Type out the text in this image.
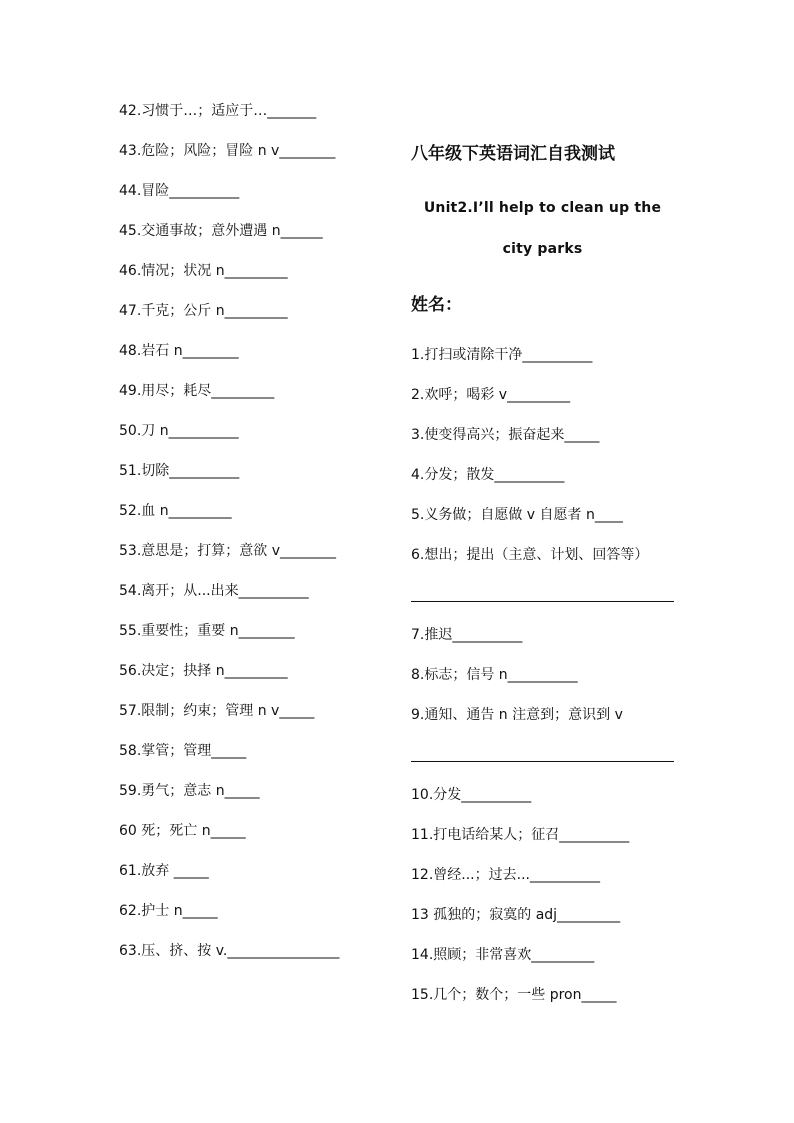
42.习惯于…；适应于…_______
43.危险；风险；冒险 n v________
44.冒险__________
45.交通事故；意外遭遇 n______
46.情况；状况 n_________
47.千克；公斤 n_________
48.岩石 n________
49.用尽；耗尽_________
50.刀 n__________
51.切除__________
52.血 n_________
53.意思是；打算；意欲 v________
54.离开；从...出来__________
55.重要性；重要 n________
56.决定；抉择 n_________
57.限制；约束；管理 n v_____
58.掌管；管理_____
59.勇气；意志 n_____
60 死；死亡 n_____
61.放弃 _____
62.护士 n_____
63.压、挤、按 v.________________
八年级下英语词汇自我测试
Unit2.I’ll help to clean up the
city parks
姓名：
1.打扫或清除干净__________
2.欢呼；喝彩 v_________
3.使变得高兴；振奋起来_____
4.分发；散发__________
5.义务做；自愿做 v 自愿者 n____
6.想出；提出（主意、计划、回答等）
7.推迟__________
8.标志；信号 n__________
9.通知、通告 n 注意到；意识到 v
10.分发__________
11.打电话给某人；征召__________
12.曾经...；过去...__________
13 孤独的；寂寞的 adj_________
14.照顾；非常喜欢_________
15.几个；数个；一些 pron_____
